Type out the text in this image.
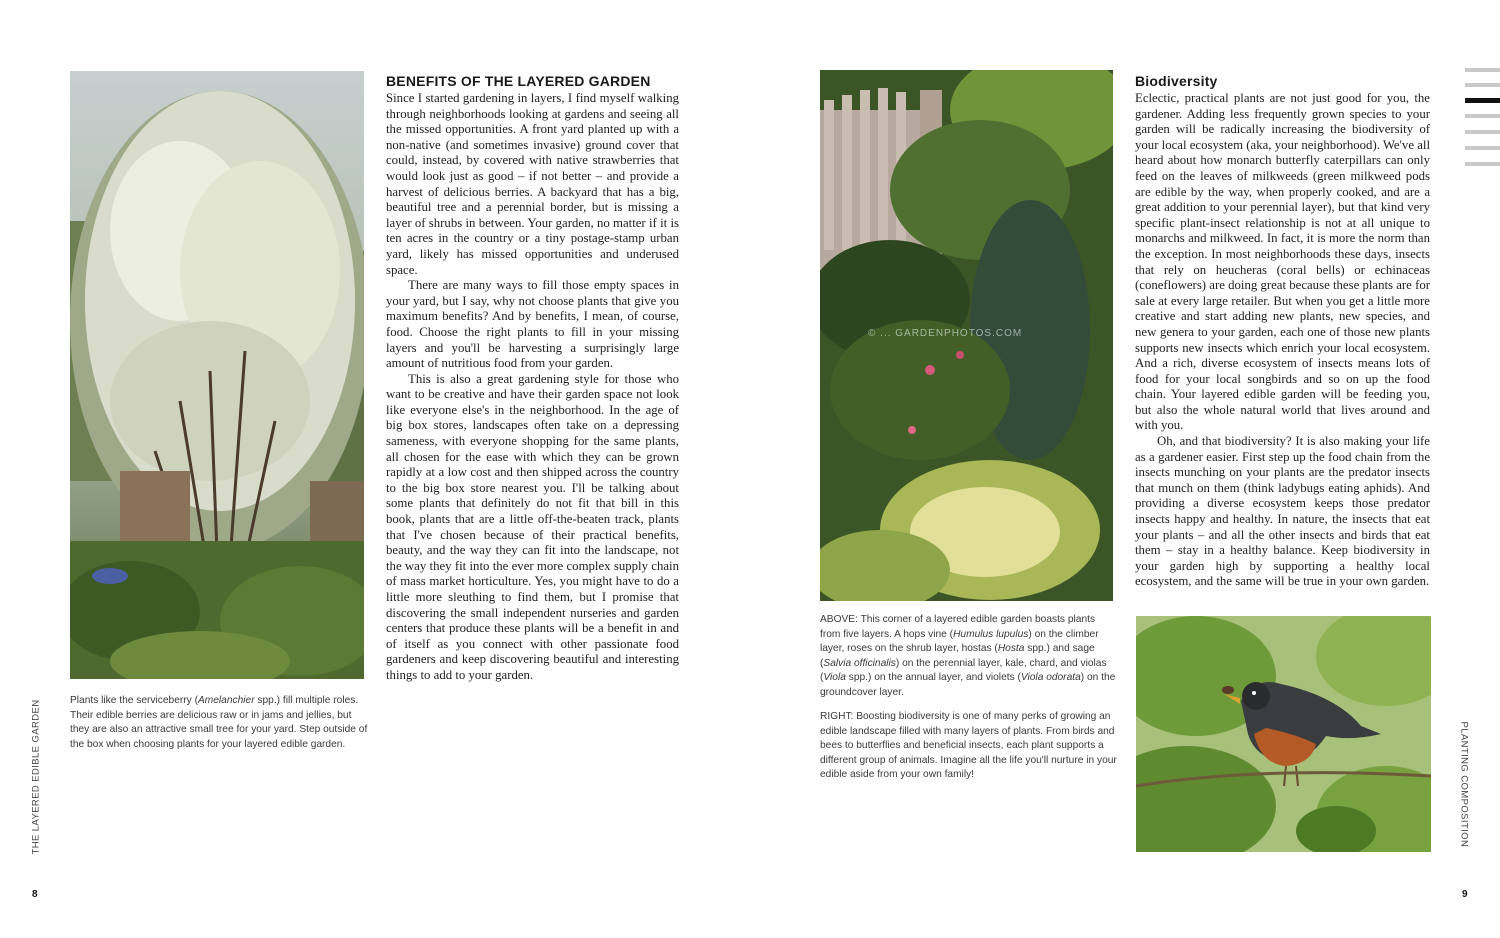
Plants like the serviceberry (Amelanchier spp.) fill multiple roles. Their edible berries are delicious raw or in jams and jellies, but they are also an attractive small tree for your yard. Step outside of the box when choosing plants for your layered edible garden.
BENEFITS OF THE LAYERED GARDEN

Since I started gardening in layers, I find myself walking through neighborhoods looking at gardens and seeing all the missed opportunities. A front yard planted up with a non-native (and sometimes invasive) ground cover that could, instead, by covered with native strawberries that would look just as good – if not better – and provide a harvest of delicious berries. A backyard that has a big, beautiful tree and a perennial border, but is missing a layer of shrubs in between. Your garden, no matter if it is ten acres in the country or a tiny postage-stamp urban yard, likely has missed opportunities and underused space.

There are many ways to fill those empty spaces in your yard, but I say, why not choose plants that give you maximum benefits? And by benefits, I mean, of course, food. Choose the right plants to fill in your missing layers and you'll be harvesting a surprisingly large amount of nutritious food from your garden.

This is also a great gardening style for those who want to be creative and have their garden space not look like everyone else's in the neighborhood. In the age of big box stores, landscapes often take on a depressing sameness, with everyone shopping for the same plants, all chosen for the ease with which they can be grown rapidly at a low cost and then shipped across the country to the big box store nearest you. I'll be talking about some plants that definitely do not fit that bill in this book, plants that are a little off-the-beaten track, plants that I've chosen because of their practical benefits, beauty, and the way they can fit into the landscape, not the way they fit into the ever more complex supply chain of mass market horticulture. Yes, you might have to do a little more sleuthing to find them, but I promise that discovering the small independent nurseries and garden centers that produce these plants will be a benefit in and of itself as you connect with other passionate food gardeners and keep discovering beautiful and interesting things to add to your garden.

THE LAYERED EDIBLE GARDEN
8
© ... GARDENPHOTOS.COM

ABOVE: This corner of a layered edible garden boasts plants from five layers. A hops vine (Humulus lupulus) on the climber layer, roses on the shrub layer, hostas (Hosta spp.) and sage (Salvia officinalis) on the perennial layer, kale, chard, and violas (Viola spp.) on the annual layer, and violets (Viola odorata) on the groundcover layer.

RIGHT: Boosting biodiversity is one of many perks of growing an edible landscape filled with many layers of plants. From birds and bees to butterflies and beneficial insects, each plant supports a different group of animals. Imagine all the life you'll nurture in your edible aside from your own family!

Biodiversity

Eclectic, practical plants are not just good for you, the gardener. Adding less frequently grown species to your garden will be radically increasing the biodiversity of your local ecosystem (aka, your neighborhood). We've all heard about how monarch butterfly caterpillars can only feed on the leaves of milkweeds (green milkweed pods are edible by the way, when properly cooked, and are a great addition to your perennial layer), but that kind very specific plant-insect relationship is not at all unique to monarchs and milkweed. In fact, it is more the norm than the exception. In most neighborhoods these days, insects that rely on heucheras (coral bells) or echinaceas (coneflowers) are doing great because these plants are for sale at every large retailer. But when you get a little more creative and start adding new plants, new species, and new genera to your garden, each one of those new plants supports new insects which enrich your local ecosystem. And a rich, diverse ecosystem of insects means lots of food for your local songbirds and so on up the food chain. Your layered edible garden will be feeding you, but also the whole natural world that lives around and with you.

Oh, and that biodiversity? It is also making your life as a gardener easier. First step up the food chain from the insects munching on your plants are the predator insects that munch on them (think ladybugs eating aphids). And providing a diverse ecosystem keeps those predator insects happy and healthy. In nature, the insects that eat your plants – and all the other insects and birds that eat them – stay in a healthy balance. Keep biodiversity in your garden high by supporting a healthy local ecosystem, and the same will be true in your own garden.

PLANTING COMPOSITION
9
